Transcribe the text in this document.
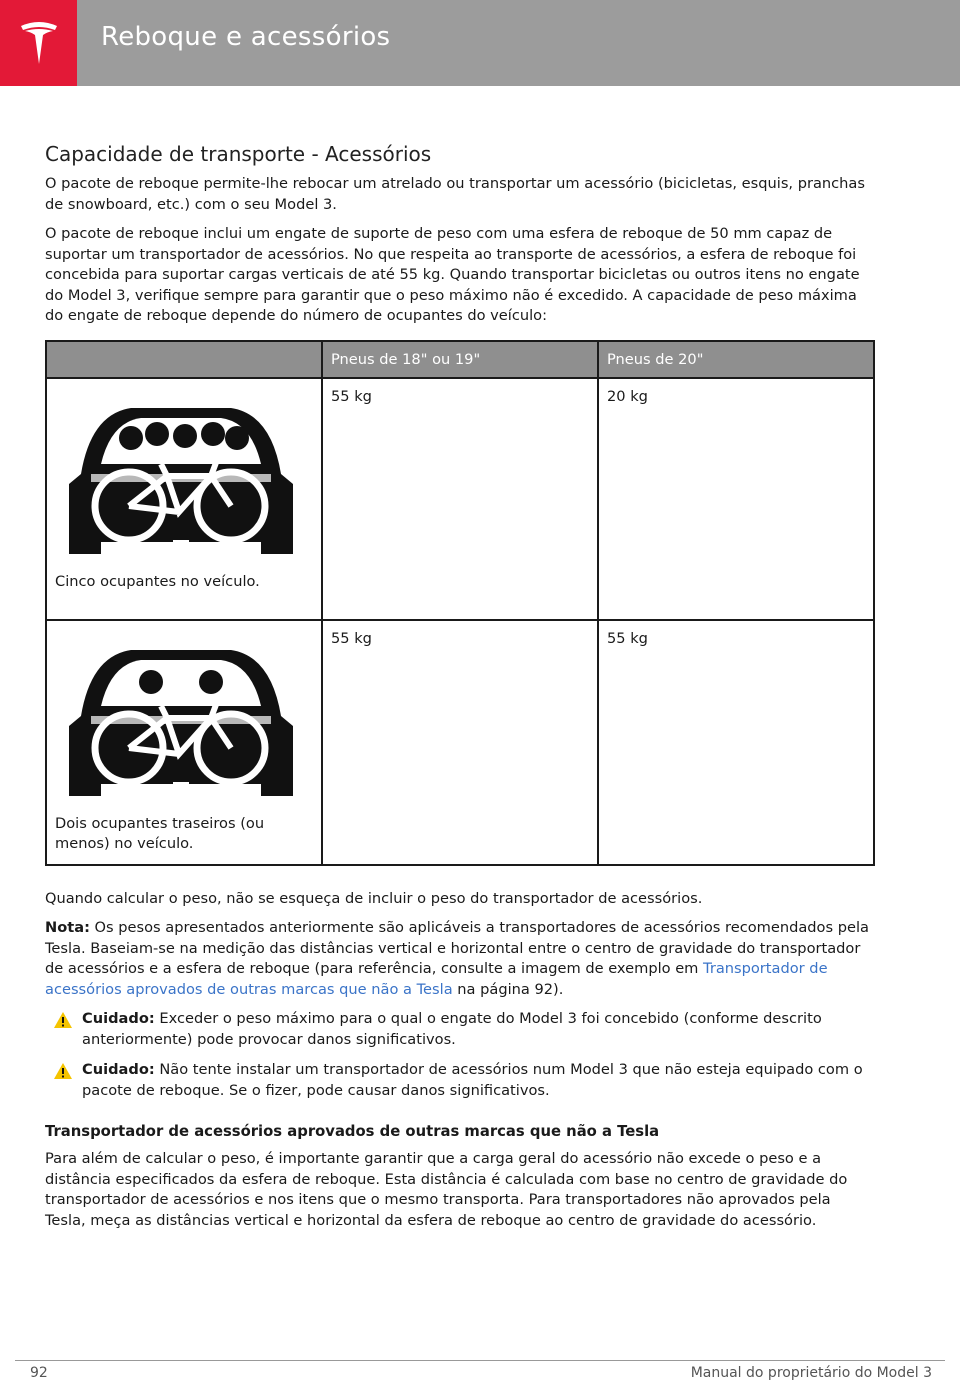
Reboque e acessórios
Capacidade de transporte - Acessórios

O pacote de reboque permite-lhe rebocar um atrelado ou transportar um acessório (bicicletas, esquis, pranchas de snowboard, etc.) com o seu Model 3.

O pacote de reboque inclui um engate de suporte de peso com uma esfera de reboque de 50 mm capaz de suportar um transportador de acessórios. No que respeita ao transporte de acessórios, a esfera de reboque foi concebida para suportar cargas verticais de até 55 kg. Quando transportar bicicletas ou outros itens no engate do Model 3, verifique sempre para garantir que o peso máximo não é excedido. A capacidade de peso máxima do engate de reboque depende do número de ocupantes do veículo:

	Pneus de 18" ou 19"	Pneus de 20"

Cinco ocupantes no veículo.	55 kg	20 kg

Dois ocupantes traseiros (ou menos) no veículo.	55 kg	55 kg

Quando calcular o peso, não se esqueça de incluir o peso do transportador de acessórios.

Nota: Os pesos apresentados anteriormente são aplicáveis a transportadores de acessórios recomendados pela Tesla. Baseiam-se na medição das distâncias vertical e horizontal entre o centro de gravidade do transportador de acessórios e a esfera de reboque (para referência, consulte a imagem de exemplo em Transportador de acessórios aprovados de outras marcas que não a Tesla na página 92).

Cuidado: Exceder o peso máximo para o qual o engate do Model 3 foi concebido (conforme descrito anteriormente) pode provocar danos significativos.
Cuidado: Não tente instalar um transportador de acessórios num Model 3 que não esteja equipado com o pacote de reboque. Se o fizer, pode causar danos significativos.
Transportador de acessórios aprovados de outras marcas que não a Tesla

Para além de calcular o peso, é importante garantir que a carga geral do acessório não excede o peso e a distância especificados da esfera de reboque. Esta distância é calculada com base no centro de gravidade do transportador de acessórios e nos itens que o mesmo transporta. Para transportadores não aprovados pela Tesla, meça as distâncias vertical e horizontal da esfera de reboque ao centro de gravidade do acessório.

92	Manual do proprietário do Model 3
